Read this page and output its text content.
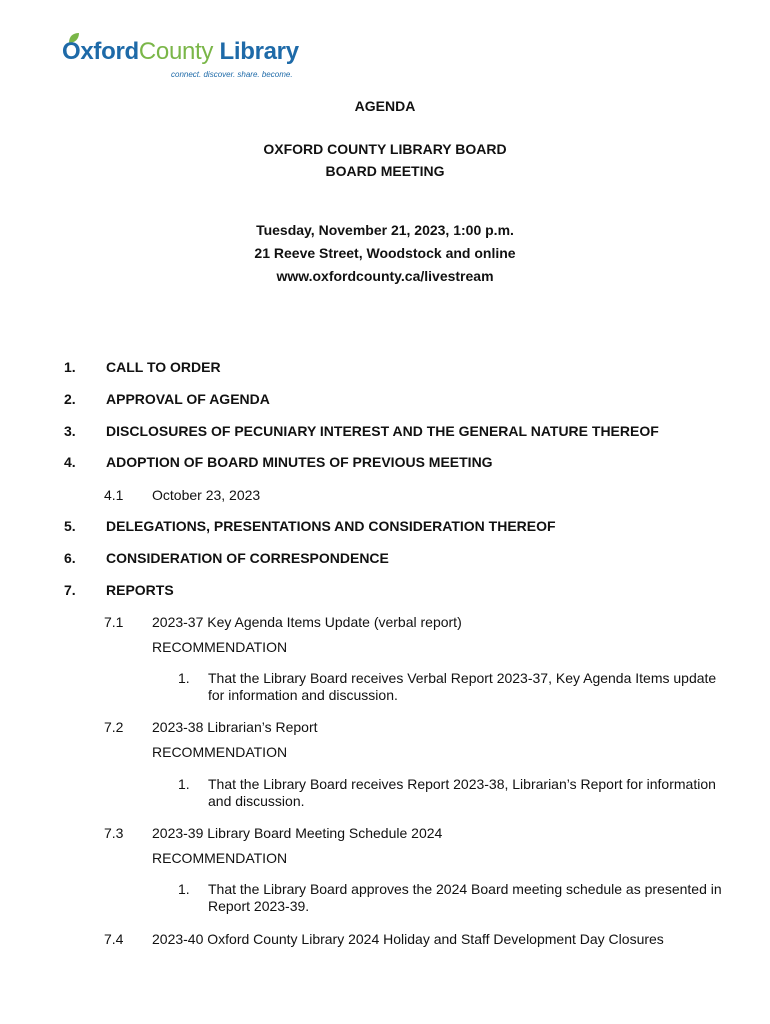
OxfordCounty Library
connect. discover. share. become.
AGENDA
OXFORD COUNTY LIBRARY BOARD
BOARD MEETING
Tuesday, November 21, 2023, 1:00 p.m.
21 Reeve Street, Woodstock and online
www.oxfordcounty.ca/livestream
1. CALL TO ORDER
2. APPROVAL OF AGENDA
3. DISCLOSURES OF PECUNIARY INTEREST AND THE GENERAL NATURE THEREOF
4. ADOPTION OF BOARD MINUTES OF PREVIOUS MEETING
4.1 October 23, 2023
5. DELEGATIONS, PRESENTATIONS AND CONSIDERATION THEREOF
6. CONSIDERATION OF CORRESPONDENCE
7. REPORTS
7.1 2023-37 Key Agenda Items Update (verbal report)
RECOMMENDATION
1. That the Library Board receives Verbal Report 2023-37, Key Agenda Items update for information and discussion.
7.2 2023-38 Librarian’s Report
RECOMMENDATION
1. That the Library Board receives Report 2023-38, Librarian’s Report for information and discussion.
7.3 2023-39 Library Board Meeting Schedule 2024
RECOMMENDATION
1. That the Library Board approves the 2024 Board meeting schedule as presented in Report 2023-39.
7.4 2023-40 Oxford County Library 2024 Holiday and Staff Development Day Closures
